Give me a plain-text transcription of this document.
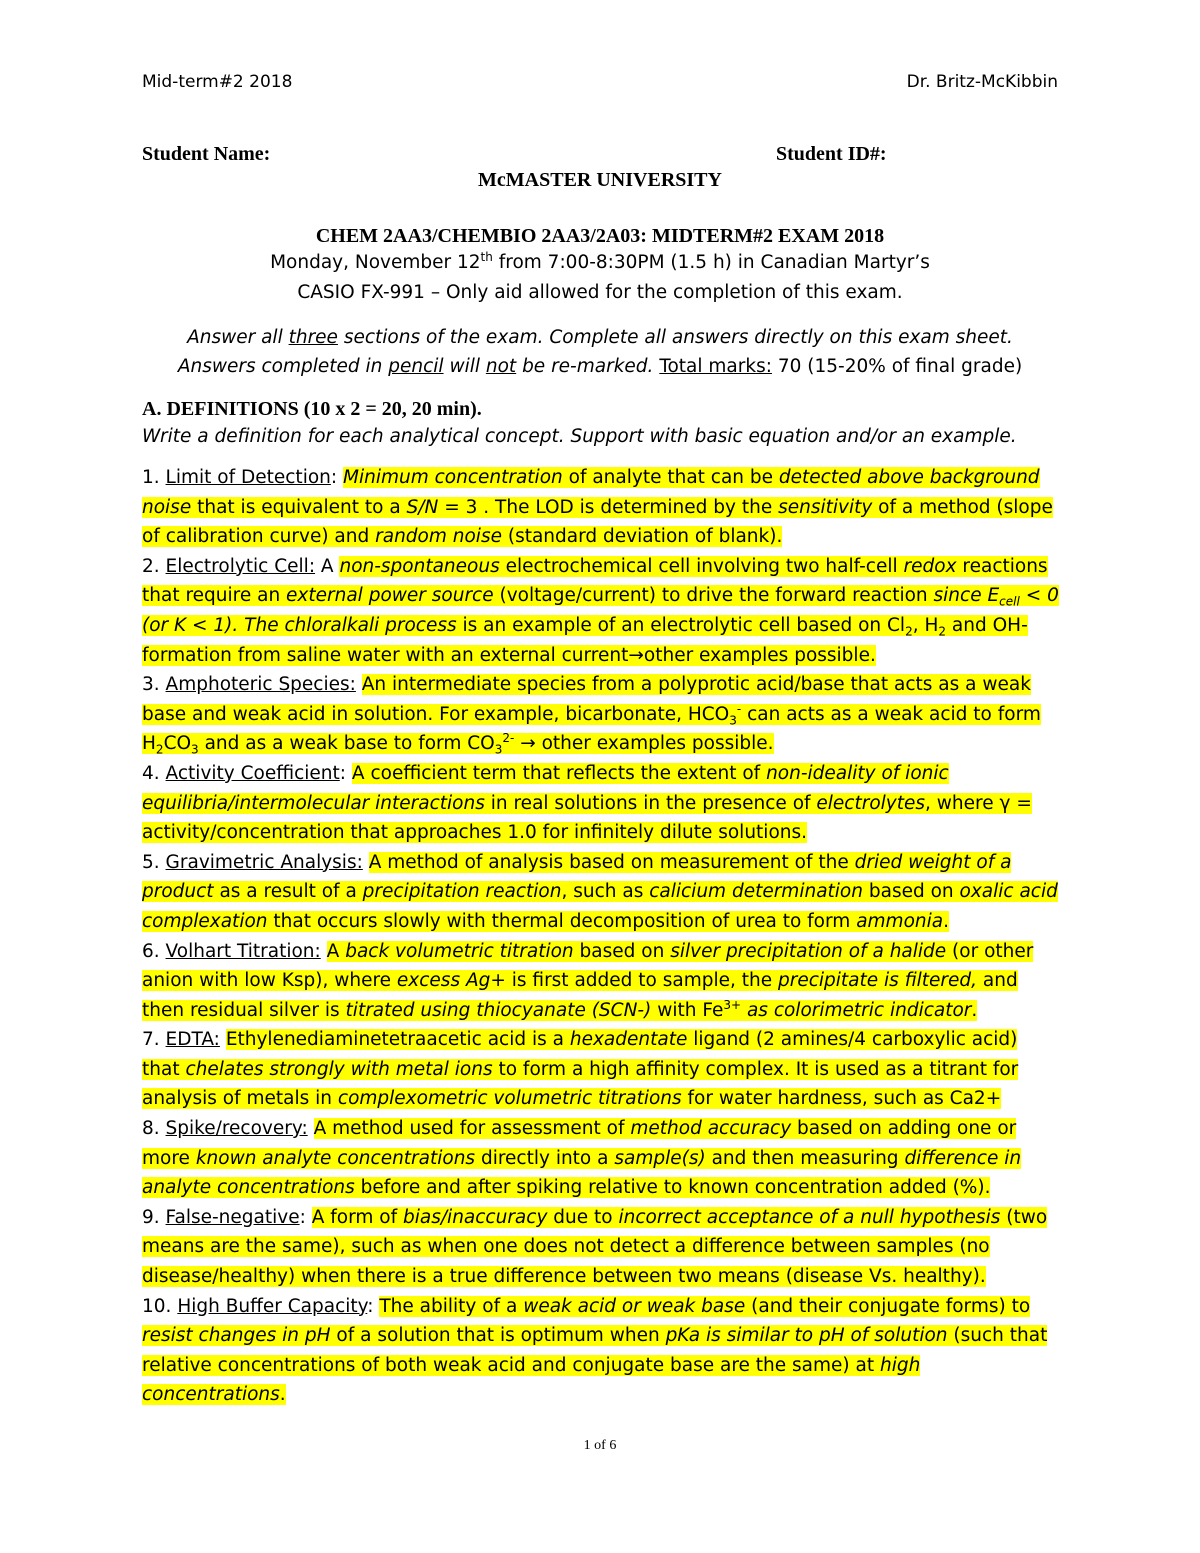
Mid-term#2 2018	Dr. Britz-McKibbin
Student Name:	Student ID#:
McMASTER UNIVERSITY
CHEM 2AA3/CHEMBIO 2AA3/2A03: MIDTERM#2 EXAM 2018
Monday, November 12th from 7:00-8:30PM (1.5 h) in Canadian Martyr’s
CASIO FX-991 – Only aid allowed for the completion of this exam.
Answer all three sections of the exam. Complete all answers directly on this exam sheet.
Answers completed in pencil will not be re-marked. Total marks: 70 (15-20% of final grade)
A. DEFINITIONS (10 x 2 = 20, 20 min).
Write a definition for each analytical concept. Support with basic equation and/or an example.

1. Limit of Detection: Minimum concentration of analyte that can be detected above background noise that is equivalent to a S/N = 3 . The LOD is determined by the sensitivity of a method (slope of calibration curve) and random noise (standard deviation of blank).

2. Electrolytic Cell: A non-spontaneous electrochemical cell involving two half-cell redox reactions that require an external power source (voltage/current) to drive the forward reaction since $E_{cell} < 0$ (or K < 1). The chloralkali process is an example of an electrolytic cell based on $Cl_2$, $H_2$ and OH- formation from saline water with an external current→other examples possible.

3. Amphoteric Species: An intermediate species from a polyprotic acid/base that acts as a weak base and weak acid in solution. For example, bicarbonate, $HCO_3^-$ can acts as a weak acid to form $H_2CO_3$ and as a weak base to form $CO_3^{2-}$ → other examples possible.

4. Activity Coefficient: A coefficient term that reflects the extent of non-ideality of ionic equilibria/intermolecular interactions in real solutions in the presence of electrolytes, where γ = activity/concentration that approaches 1.0 for infinitely dilute solutions.

5. Gravimetric Analysis: A method of analysis based on measurement of the dried weight of a product as a result of a precipitation reaction, such as calicium determination based on oxalic acid complexation that occurs slowly with thermal decomposition of urea to form ammonia.

6. Volhart Titration: A back volumetric titration based on silver precipitation of a halide (or other anion with low Ksp), where excess Ag+ is first added to sample, the precipitate is filtered, and then residual silver is titrated using thiocyanate (SCN-) with $Fe^{3+}$ as colorimetric indicator.

7. EDTA: Ethylenediaminetetraacetic acid is a hexadentate ligand (2 amines/4 carboxylic acid) that chelates strongly with metal ions to form a high affinity complex. It is used as a titrant for analysis of metals in complexometric volumetric titrations for water hardness, such as Ca2+

8. Spike/recovery: A method used for assessment of method accuracy based on adding one or more known analyte concentrations directly into a sample(s) and then measuring difference in analyte concentrations before and after spiking relative to known concentration added (%).

9. False-negative: A form of bias/inaccuracy due to incorrect acceptance of a null hypothesis (two means are the same), such as when one does not detect a difference between samples (no disease/healthy) when there is a true difference between two means (disease Vs. healthy).

10. High Buffer Capacity: The ability of a weak acid or weak base (and their conjugate forms) to resist changes in pH of a solution that is optimum when pKa is similar to pH of solution (such that relative concentrations of both weak acid and conjugate base are the same) at high concentrations.

1 of 6
